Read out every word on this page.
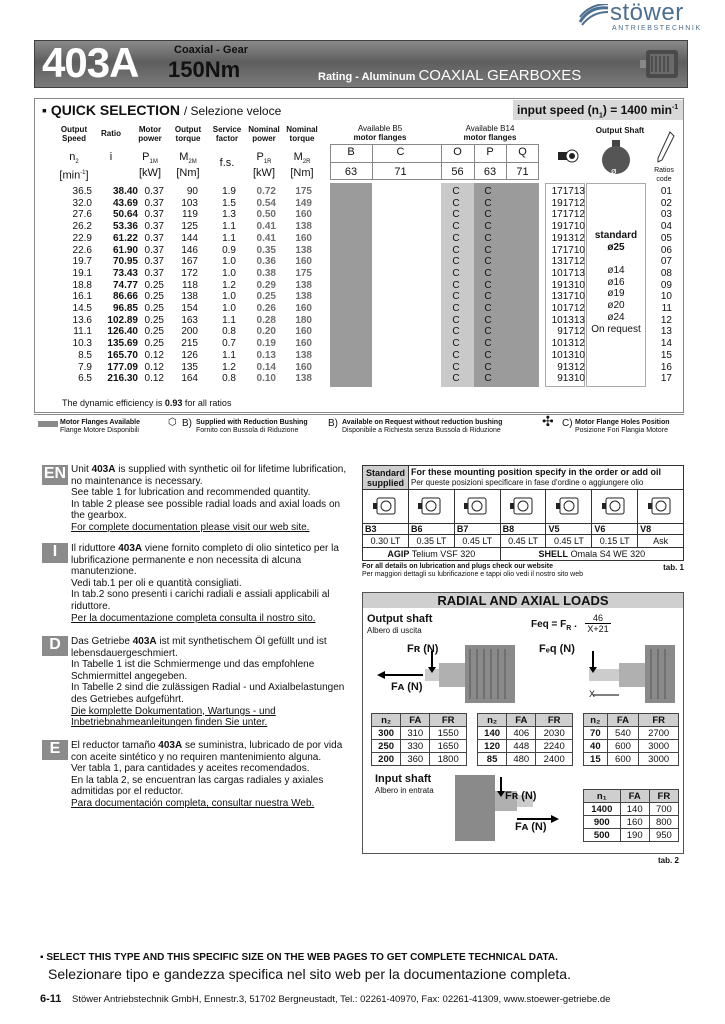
stöwer
ANTRIEBSTECHNIK
403A	Coaxial - Gear
150Nm	Rating - Aluminum COAXIAL GEARBOXES
▪ QUICK SELECTION / Selezione veloce	input speed $(n_1) = 1400$ $\min^{-1}$
Output Speed
Ratio	Motor power
Output torque
Service factor
Nominal power
Nominal torque
Available B5
motor flanges
Available B14
motor flanges
Output Shaft
B	C	O	P	Q
63	71	56	63	71
$n_2$
$[\min^{-1}]$
i	$P_{1M}$
[kW]
$M_{2M}$
[Nm]
f.s.	$P_{1R}$
[kW]
$M_{2R}$
[Nm]	ø	Ratios code
36.5	38.40 0.37	90	1.9	0.72	175	C	C	171713	01
32.0	43.69 0.37	103	1.5	0.54	149	C	C	191712	02
27.6	50.64 0.37	119	1.3	0.50	160	C	C	171712	03
26.2	53.36 0.37	125	1.1	0.41	138	C	C	191710	04
22.9	61.22 0.37	144	1.1	0.41	160	C	C	191312	05
22.6	61.90 0.37	146	0.9	0.35	138	C	C	171710	06
19.7	70.95 0.37	167	1.0	0.36	160	C	C	131712	07
19.1	73.43 0.37	172	1.0	0.38	175	C	C	101713	08
18.8	74.77 0.25	118	1.2	0.29	138	C	C	191310	09
16.1	86.66 0.25	138	1.0	0.25	138	C	C	131710	10
14.5	96.85 0.25	154	1.0	0.26	160	C	C	101712	11
13.6	102.89 0.25	163	1.1	0.28	180	C	C	101313	12
11.1	126.40 0.25	200	0.8	0.20	160	C	C	91712	13
10.3	135.69 0.25	215	0.7	0.19	160	C	C	101312	14
8.5	165.70 0.12	126	1.1	0.13	138	C	C	101310	15
7.9	177.09 0.12	135	1.2	0.14	160	C	C	91312	16
6.5	216.30 0.12	164	0.8	0.10	138	C	C	91310	17
standard
ø25
ø14
ø16
ø19
ø20
ø24
On request
The dynamic efficiency is 0.93 for all ratios
Motor Flanges Available
Flange Motore Disponibili
⬡ B) Supplied with Reduction Bushing
Fornito con Bussola di Riduzione
B) Available on Request without reduction bushing
Disponibile a Richiesta senza Bussola di Riduzione
✣ C) Motor Flange Holes Position
Posizione Fori Flangia Motore
EN Unit 403A is supplied with synthetic oil for lifetime lubrification, no maintenance is necessary.
See table 1 for lubrication and recommended quantity.
In table 2 please see possible radial loads and axial loads on the gearbox.
For complete documentation please visit our web site.
I	Il riduttore 403A viene fornito completo di olio sintetico per la lubrificazione permanente e non necessita di alcuna manutenzione.
Vedi tab.1 per oli e quantità consigliati.
In tab.2 sono presenti i carichi radiali e assiali applicabili al riduttore.
Per la documentazione completa consulta il nostro sito.
D	Das Getriebe 403A ist mit synthetischem Öl gefüllt und ist lebensdauergeschmiert.
In Tabelle 1 ist die Schmiermenge und das empfohlene Schmiermittel angegeben.
In Tabelle 2 sind die zulässigen Radial - und Axialbelastungen des Getriebes aufgeführt.
Die komplette Dokumentation, Wartungs - und Inbetriebnahmeanleitungen finden Sie unter.
E	El reductor tamaño 403A se suministra, lubricado de por vida con aceite sintético y no requiren mantenimiento alguna.
Ver tabla 1, para cantidades y aceites recomendados.
En la tabla 2, se encuentran las cargas radiales y axiales admitidas por el reductor.
Para documentación completa, consultar nuestra Web.
Standard
supplied	For these mounting position specify in the order or add oil
Per queste posizioni specificare in fase d'ordine o aggiungere olio					

B3	B6	B7	B8	V5	V6	V8
0.30 LT	0.35 LT	0.45 LT	0.45 LT	0.45 LT	0.15 LT	Ask
AGIP Telium VSF 320			SHELL Omala S4 WE 320			
For all details on lubrication and plugs check our website
Per maggiori dettagli su lubrificazione e tappi olio vedi il nostro sito web
tab. 1
RADIAL AND AXIAL LOADS
Output shaft
Albero di uscita
Feq = $F_R$ .
46
X+21
Fʀ (N)
Fᴀ (N)
Fₑq (N)
X
n₂	FA	FR
300	310	1550
250	330	1650
200	360	1800
n₂	FA	FR
140	406	2030
120	448	2240
85	480	2400
n₂	FA	FR
70	540	2700
40	600	3000
15	600	3000
Input shaft
Albero in entrata	Fʀ (N)
Fᴀ (N)
n₁	FA	FR
1400	140	700
900	160	800
500	190	950
tab. 2
▪ SELECT THIS TYPE AND THIS SPECIFIC SIZE ON THE WEB PAGES TO GET COMPLETE TECHNICAL DATA.
Selezionare tipo e gandezza specifica nel sito web per la documentazione completa.
6-11 Stöwer Antriebstechnik GmbH, Ennestr.3, 51702 Bergneustadt, Tel.: 02261-40970, Fax: 02261-41309, www.stoewer-getriebe.de
